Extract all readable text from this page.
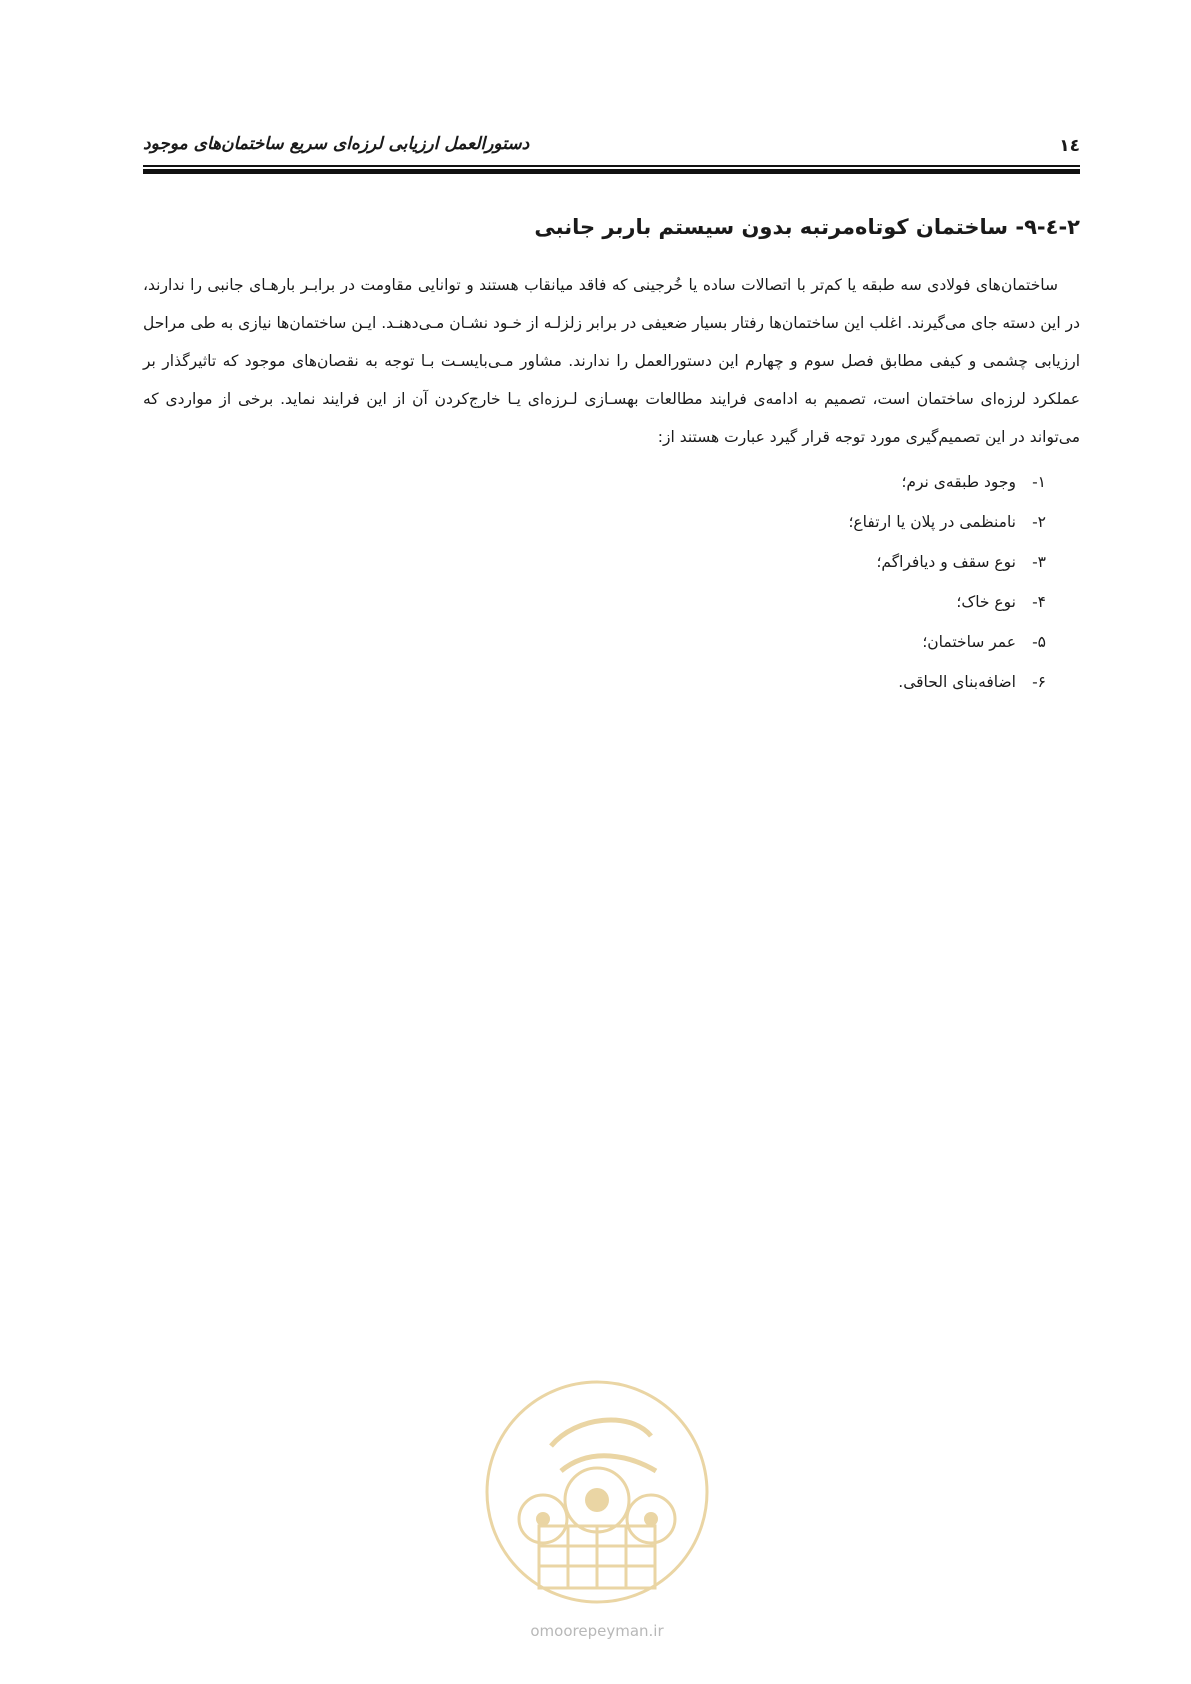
دستورالعمل ارزیابی لرزه‌ای سریع ساختمان‌های موجود	۱٤
۲-٤-۹- ساختمان کوتاه‌مرتبه بدون سیستم باربر جانبی

ساختمان‌های فولادی سه طبقه یا کم‌تر با اتصالات ساده یا خُرجینی که فاقد میانقاب هستند و توانایی مقاومت در برابـر بارهـای جانبی را ندارند، در این دسته جای می‌گیرند. اغلب این ساختمان‌ها رفتار بسیار ضعیفی در برابر زلزلـه از خـود نشـان مـی‌دهنـد. ایـن ساختمان‌ها نیازی به طی مراحل ارزیابی چشمی و کیفی مطابق فصل سوم و چهارم این دستورالعمل را ندارند. مشاور مـی‌بایسـت بـا توجه به نقصان‌های موجود که تاثیرگذار بر عملکرد لرزه‌ای ساختمان است، تصمیم به ادامه‌ی فرایند مطالعات بهسـازی لـرزه‌ای یـا خارج‌کردن آن از این فرایند نماید. برخی از مواردی که می‌تواند در این تصمیم‌گیری مورد توجه قرار گیرد عبارت هستند از:

۱-وجود طبقه‌ی نرم؛
۲-نامنظمی در پلان یا ارتفاع؛
۳-نوع سقف و دیافراگم؛
۴-نوع خاک؛
۵-عمر ساختمان؛
۶-اضافه‌بنای الحاقی.
omoorepeyman.ir
